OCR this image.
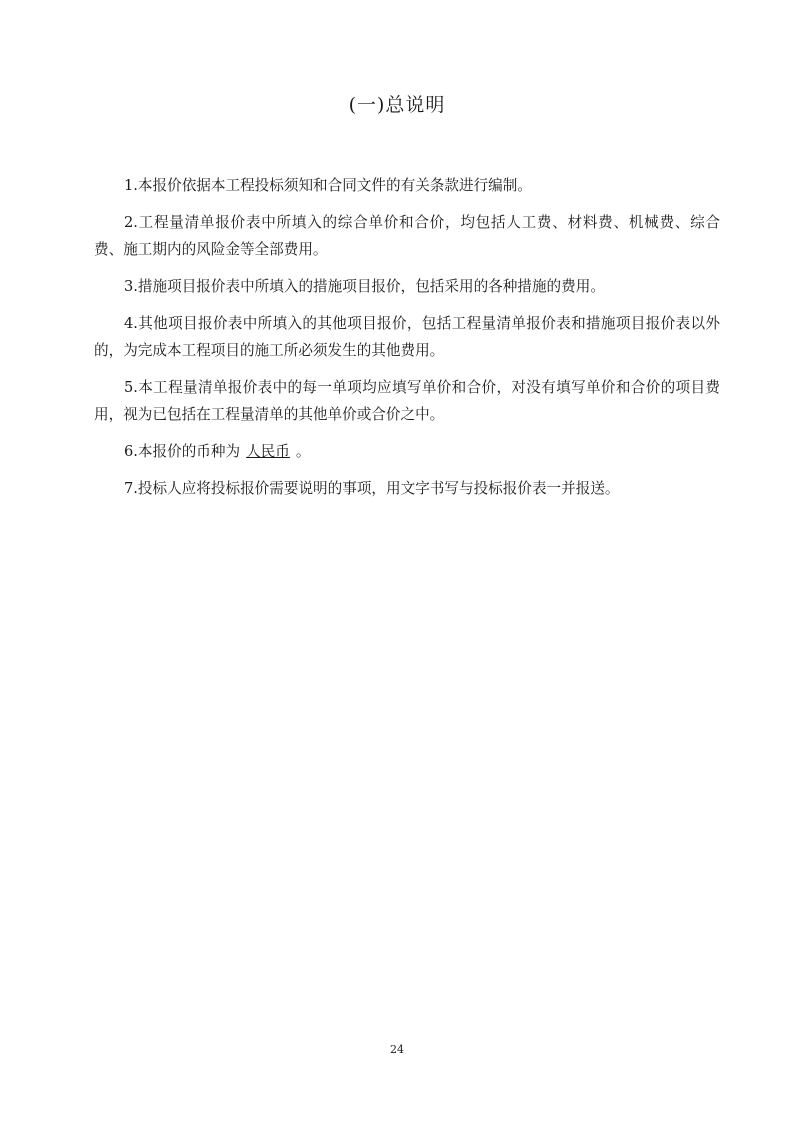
(一)总说明

1.本报价依据本工程投标须知和合同文件的有关条款进行编制。

2.工程量清单报价表中所填入的综合单价和合价，均包括人工费、材料费、机械费、综合费、施工期内的风险金等全部费用。

3.措施项目报价表中所填入的措施项目报价，包括采用的各种措施的费用。

4.其他项目报价表中所填入的其他项目报价，包括工程量清单报价表和措施项目报价表以外的，为完成本工程项目的施工所必须发生的其他费用。

5.本工程量清单报价表中的每一单项均应填写单价和合价，对没有填写单价和合价的项目费用，视为已包括在工程量清单的其他单价或合价之中。

6.本报价的币种为 人民币 。

7.投标人应将投标报价需要说明的事项，用文字书写与投标报价表一并报送。

24
